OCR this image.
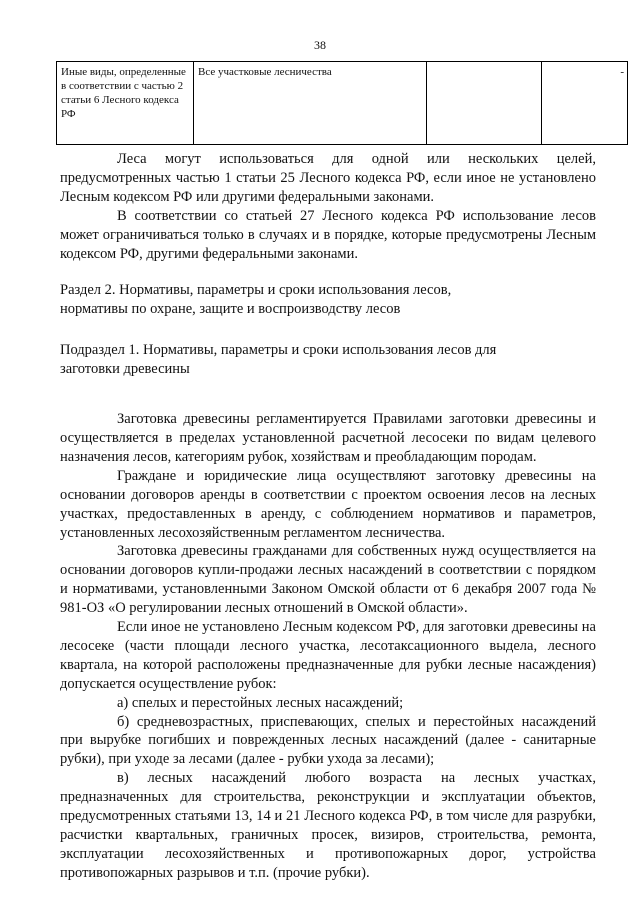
38
Иные виды, определенные в соответствии с частью 2 статьи 6 Лесного кодекса РФ	Все участковые лесничества		-

Леса могут использоваться для одной или нескольких целей, предусмотренных частью 1 статьи 25 Лесного кодекса РФ, если иное не установлено Лесным кодексом РФ или другими федеральными законами.

В соответствии со статьей 27 Лесного кодекса РФ использование лесов может ограничиваться только в случаях и в порядке, которые предусмотрены Лесным кодексом РФ, другими федеральными законами.

Раздел 2. Нормативы, параметры и сроки использования лесов,
нормативы по охране, защите и воспроизводству лесов

Подраздел 1. Нормативы, параметры и сроки использования лесов для
заготовки древесины

Заготовка древесины регламентируется Правилами заготовки древесины и осуществляется в пределах установленной расчетной лесосеки по видам целевого назначения лесов, категориям рубок, хозяйствам и преобладающим породам.

Граждане и юридические лица осуществляют заготовку древесины на основании договоров аренды в соответствии с проектом освоения лесов на лесных участках, предоставленных в аренду, с соблюдением нормативов и параметров, установленных лесохозяйственным регламентом лесничества.

Заготовка древесины гражданами для собственных нужд осуществляется на основании договоров купли-продажи лесных насаждений в соответствии с порядком и нормативами, установленными Законом Омской области от 6 декабря 2007 года № 981-ОЗ «О регулировании лесных отношений в Омской области».

Если иное не установлено Лесным кодексом РФ, для заготовки древесины на лесосеке (части площади лесного участка, лесотаксационного выдела, лесного квартала, на которой расположены предназначенные для рубки лесные насаждения) допускается осуществление рубок:

а) спелых и перестойных лесных насаждений;

б) средневозрастных, приспевающих, спелых и перестойных насаждений при вырубке погибших и поврежденных лесных насаждений (далее - санитарные рубки), при уходе за лесами (далее - рубки ухода за лесами);

в) лесных насаждений любого возраста на лесных участках, предназначенных для строительства, реконструкции и эксплуатации объектов, предусмотренных статьями 13, 14 и 21 Лесного кодекса РФ, в том числе для разрубки, расчистки квартальных, граничных просек, визиров, строительства, ремонта, эксплуатации лесохозяйственных и противопожарных дорог, устройства противопожарных разрывов и т.п. (прочие рубки).
